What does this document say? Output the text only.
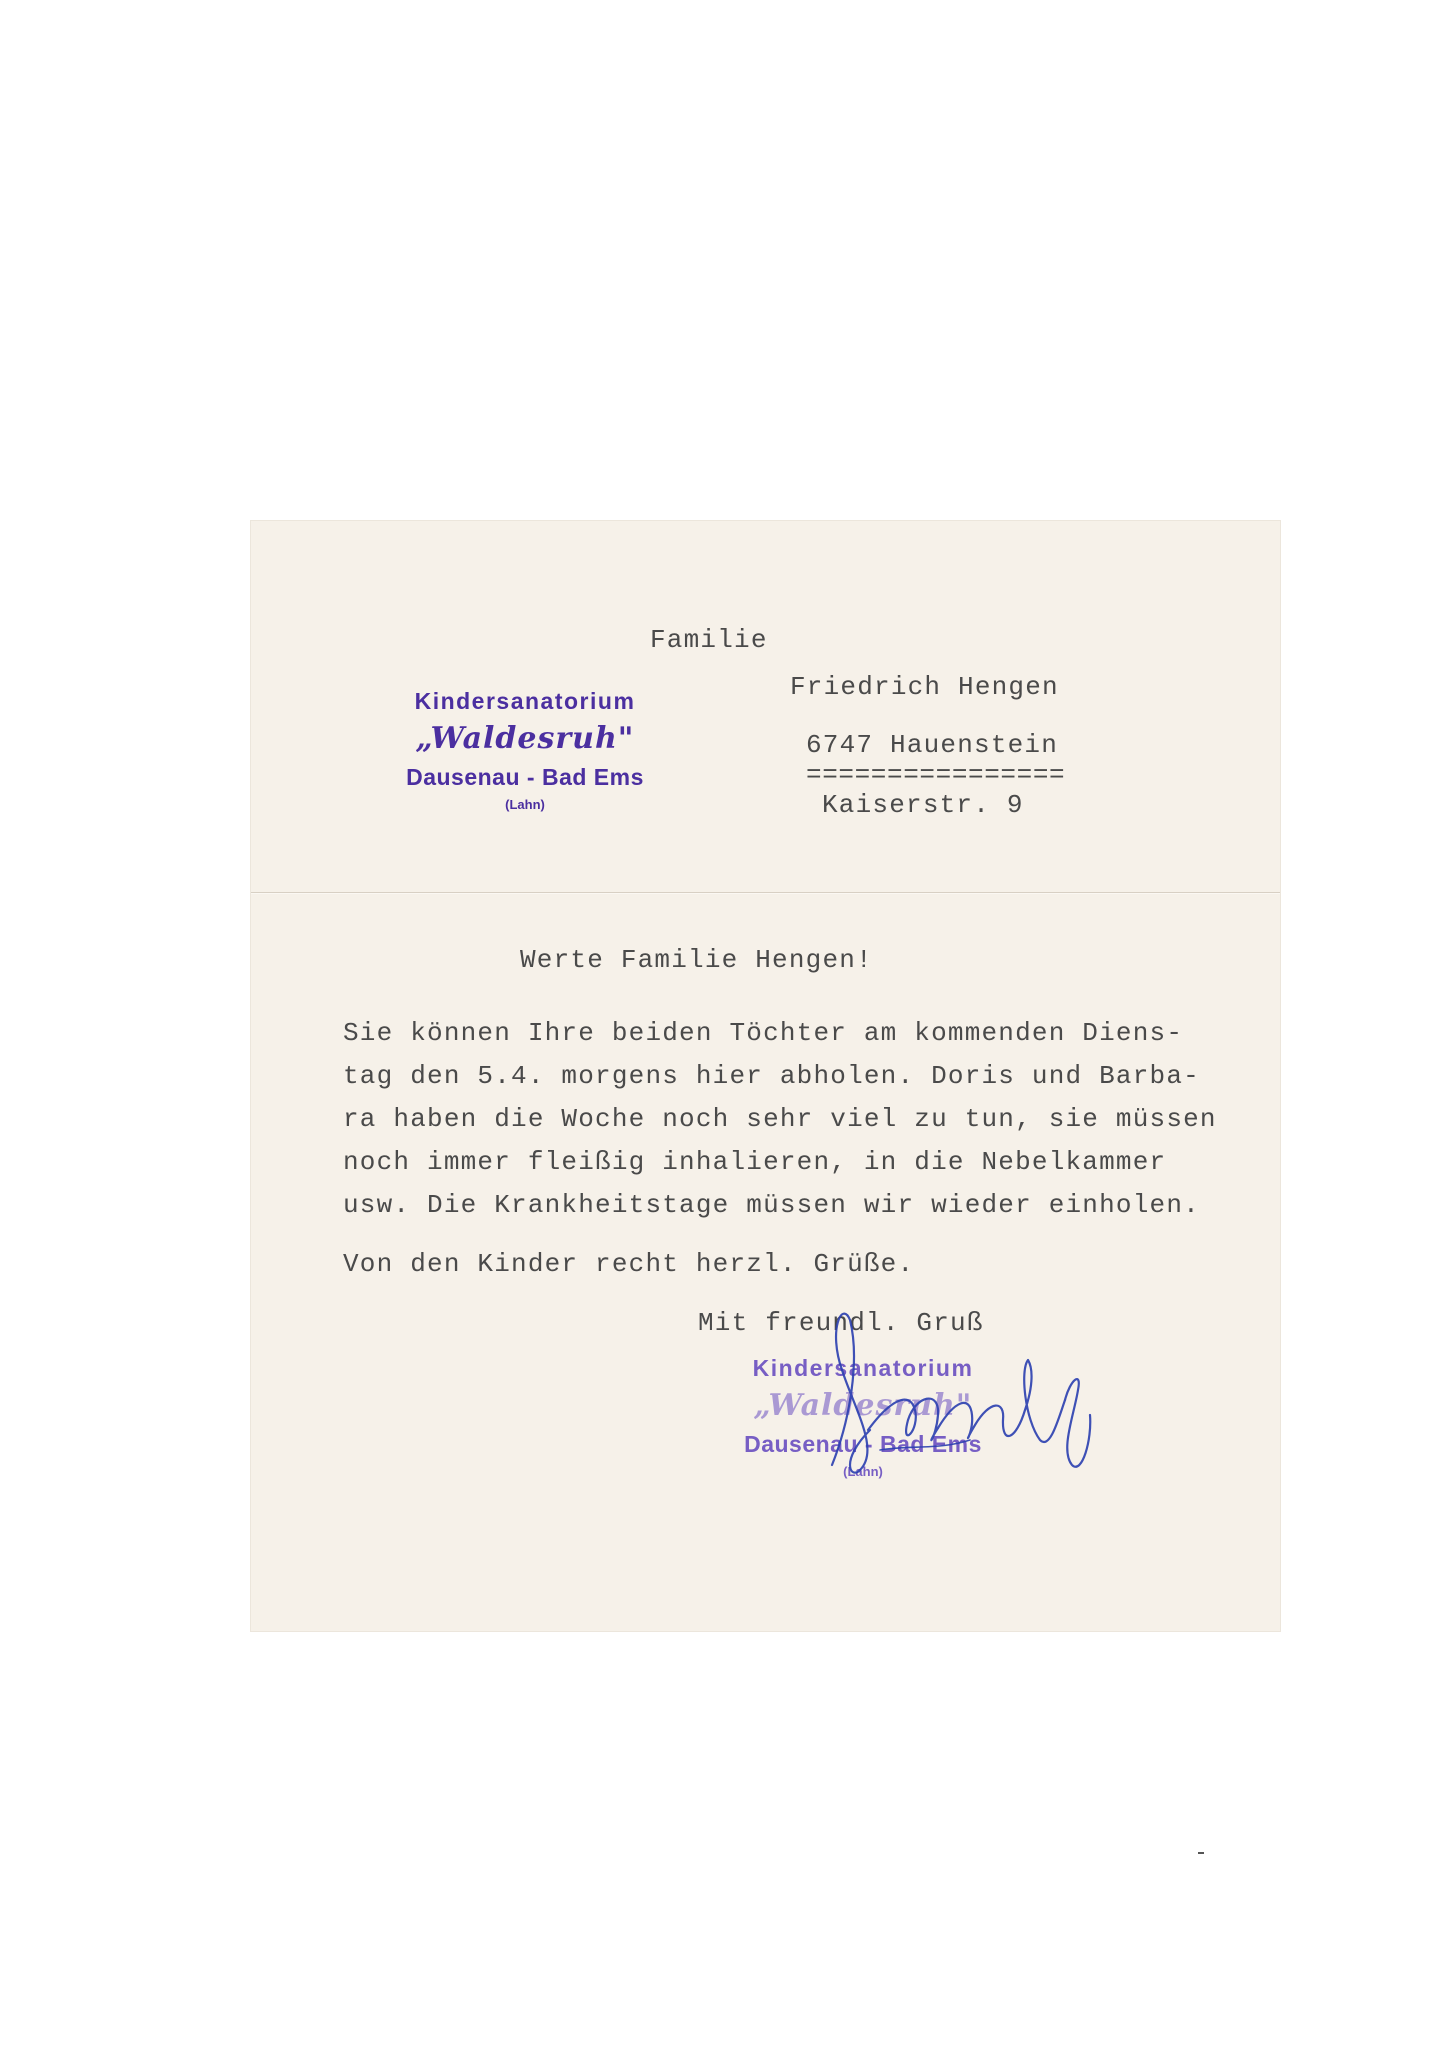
Familie

Friedrich Hengen

6747 Hauenstein

================

Kaiserstr. 9

Kindersanatorium
„Waldesruh"
Dausenau - Bad Ems
(Lahn)

Werte Familie Hengen!

Sie können Ihre beiden Töchter am kommenden Diens-

tag den 5.4. morgens hier abholen. Doris und Barba-

ra haben die Woche noch sehr viel zu tun, sie müssen

noch immer fleißig inhalieren, in die Nebelkammer

usw. Die Krankheitstage müssen wir wieder einholen.

Von den Kinder recht herzl. Grüße.

Mit freundl. Gruß

Kindersanatorium
„Waldesruh"
Dausenau - Bad Ems
(Lahn)
